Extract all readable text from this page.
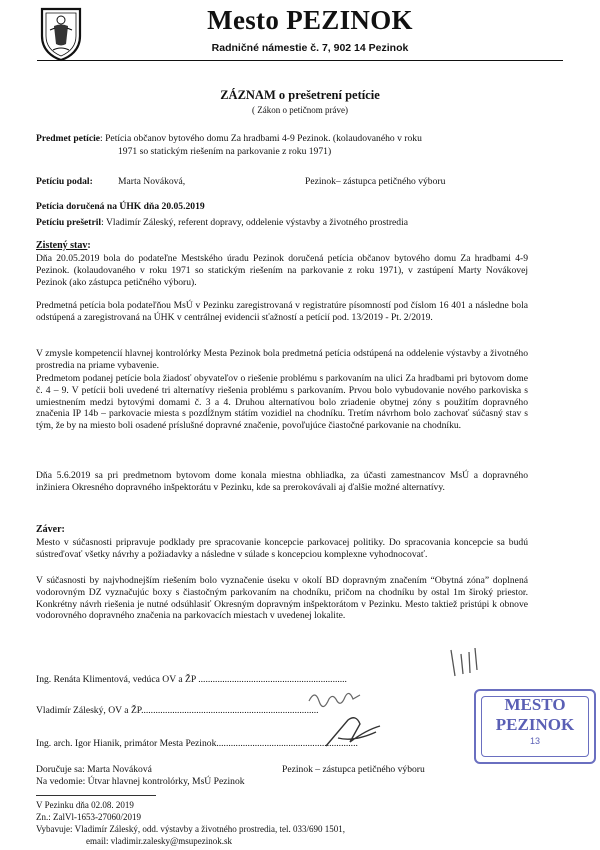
Mesto PEZINOK
Radničné námestie č. 7, 902 14 Pezinok
ZÁZNAM o prešetrení petície
( Zákon o petičnom práve)
Predmet petície: Petícia občanov bytového domu Za hradbami 4-9 Pezinok. (kolaudovaného v roku
1971 so statickým riešením na parkovanie z roku 1971)
Petíciu podal:	Marta Nováková,	Pezinok– zástupca petičného výboru
Petícia doručená na ÚHK dňa 20.05.2019
Petíciu prešetril: Vladimír Záleský, referent dopravy, oddelenie výstavby a životného prostredia
Zistený stav:
Dňa 20.05.2019 bola do podateľne Mestského úradu Pezinok doručená petícia občanov bytového domu Za hradbami 4-9 Pezinok. (kolaudovaného v roku 1971 so statickým riešením na parkovanie z roku 1971), v zastúpení Marty Novákovej Pezinok (ako zástupca petičného výboru).
Predmetná petícia bola podateľňou MsÚ v Pezinku zaregistrovaná v registratúre písomností pod číslom 16 401 a následne bola odstúpená a zaregistrovaná na ÚHK v centrálnej evidencii sťažností a petícií pod. 13/2019 - Pt. 2/2019.
V zmysle kompetencií hlavnej kontrolórky Mesta Pezinok bola predmetná petícia odstúpená na oddelenie výstavby a životného prostredia na priame vybavenie.
Predmetom podanej petície bola žiadosť obyvateľov o riešenie problému s parkovaním na ulici Za hradbami pri bytovom dome č. 4 – 9. V petícii boli uvedené tri alternatívy riešenia problému s parkovaním. Prvou bolo vybudovanie nového parkoviska s umiestnením medzi bytovými domami č. 3 a 4. Druhou alternatívou bolo zriadenie obytnej zóny s použitím dopravného značenia IP 14b – parkovacie miesta s pozdĺžnym státím vozidiel na chodníku. Tretím návrhom bolo zachovať súčasný stav s tým, že by na miesto boli osadené príslušné dopravné značenie, povoľujúce čiastočné parkovanie na chodníku.
Dňa 5.6.2019 sa pri predmetnom bytovom dome konala miestna obhliadka, za účasti zamestnancov MsÚ a dopravného inžiniera Okresného dopravného inšpektorátu v Pezinku, kde sa prerokovávali aj ďalšie možné alternatívy.
Záver:
Mesto v súčasnosti pripravuje podklady pre spracovanie koncepcie parkovacej politiky. Do spracovania koncepcie sa budú sústreďovať všetky návrhy a požiadavky a následne v súlade s koncepciou komplexne vyhodnocovať.
V súčasnosti by najvhodnejším riešením bolo vyznačenie úseku v okolí BD dopravným značením “Obytná zóna” doplnená vodorovným DZ vyznačujúc boxy s čiastočným parkovaním na chodníku, pričom na chodníku by ostal 1m široký priestor. Konkrétny návrh riešenia je nutné odsúhlasiť Okresným dopravným inšpektorátom v Pezinku. Mesto taktiež pristúpi k obnove vodorovného dopravného značenia na parkovacích miestach v uvedenej lokalite.
Ing. Renáta Klimentová, vedúca OV a ŽP ..............................................................
Vladimír Záleský, OV a ŽP..........................................................................
Ing. arch. Igor Hianik, primátor Mesta Pezinok...........................................................
MESTO
PEZINOK
13
Doručuje sa: Marta Nováková	Pezinok – zástupca petičného výboru
Na vedomie: Útvar hlavnej kontrolórky, MsÚ Pezinok
V Pezinku dňa 02.08. 2019
Zn.: ZalVl-1653-27060/2019
Vybavuje: Vladimír Záleský, odd. výstavby a životného prostredia, tel. 033/690 1501,
email: vladimir.zalesky@msupezinok.sk
